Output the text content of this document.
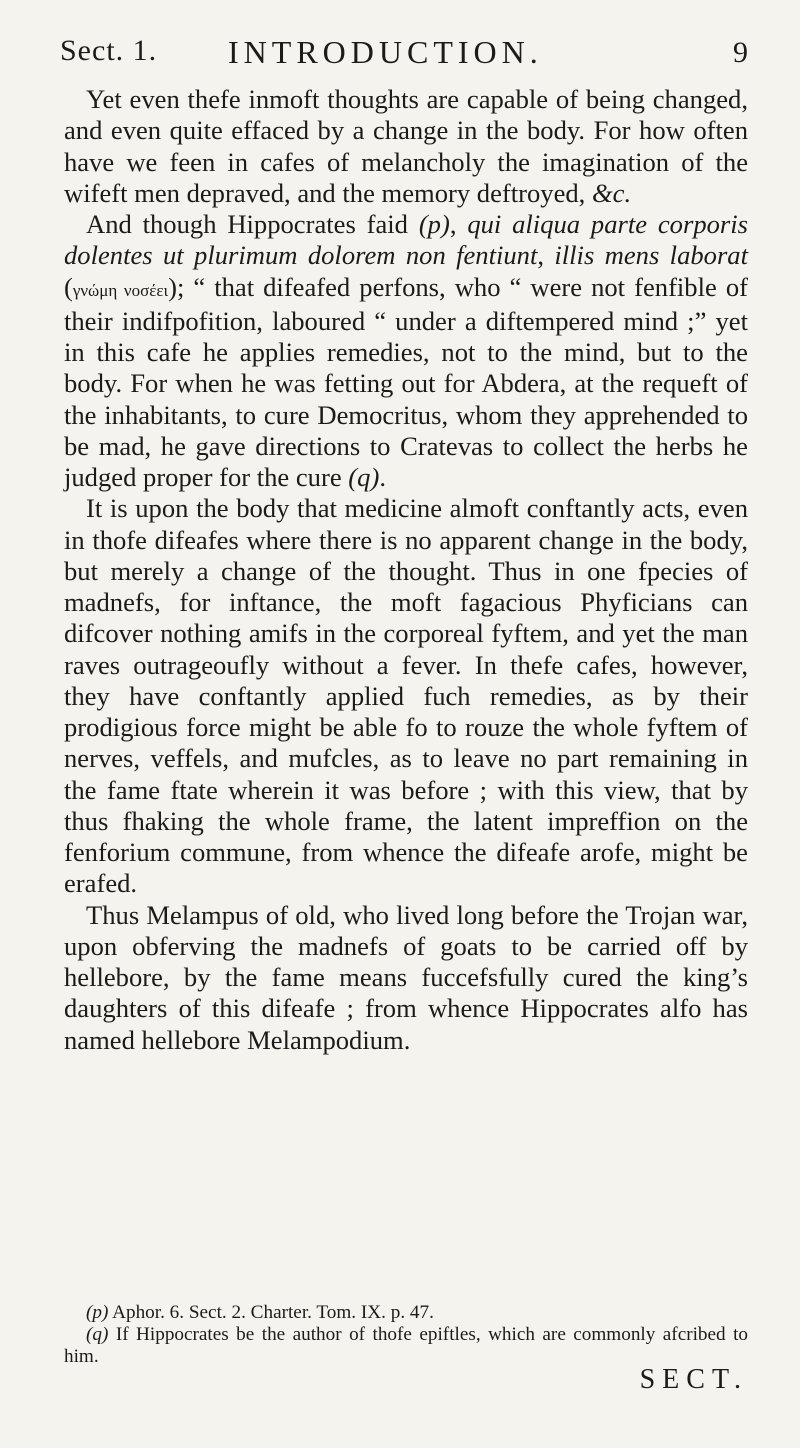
Sect. 1. INTRODUCTION.	9

Yet even thefe inmoft thoughts are capable of being changed, and even quite effaced by a change in the body. For how often have we feen in cafes of melancholy the imagination of the wifeft men depraved, and the memory deftroyed, &c.

And though Hippocrates faid (p), qui aliqua parte corporis dolentes ut plurimum dolorem non fentiunt, illis mens laborat (γνώμη νοσέει); “ that difeafed perfons, who “ were not fenfible of their indifpofition, laboured “ under a diftempered mind ;” yet in this cafe he applies remedies, not to the mind, but to the body. For when he was fetting out for Abdera, at the requeft of the inhabitants, to cure Democritus, whom they apprehended to be mad, he gave directions to Cratevas to collect the herbs he judged proper for the cure (q).

It is upon the body that medicine almoft conftantly acts, even in thofe difeafes where there is no apparent change in the body, but merely a change of the thought. Thus in one fpecies of madnefs, for inftance, the moft fagacious Phyficians can difcover nothing amifs in the corporeal fyftem, and yet the man raves outrageoufly without a fever. In thefe cafes, however, they have conftantly applied fuch remedies, as by their prodigious force might be able fo to rouze the whole fyftem of nerves, veffels, and mufcles, as to leave no part remaining in the fame ftate wherein it was before ; with this view, that by thus fhaking the whole frame, the latent impreffion on the fenforium commune, from whence the difeafe arofe, might be erafed.

Thus Melampus of old, who lived long before the Trojan war, upon obferving the madnefs of goats to be carried off by hellebore, by the fame means fuccefsfully cured the king’s daughters of this difeafe ; from whence Hippocrates alfo has named hellebore Melampodium.

(p) Aphor. 6. Sect. 2. Charter. Tom. IX. p. 47.

(q) If Hippocrates be the author of thofe epiftles, which are commonly afcribed to him.

SECT.
